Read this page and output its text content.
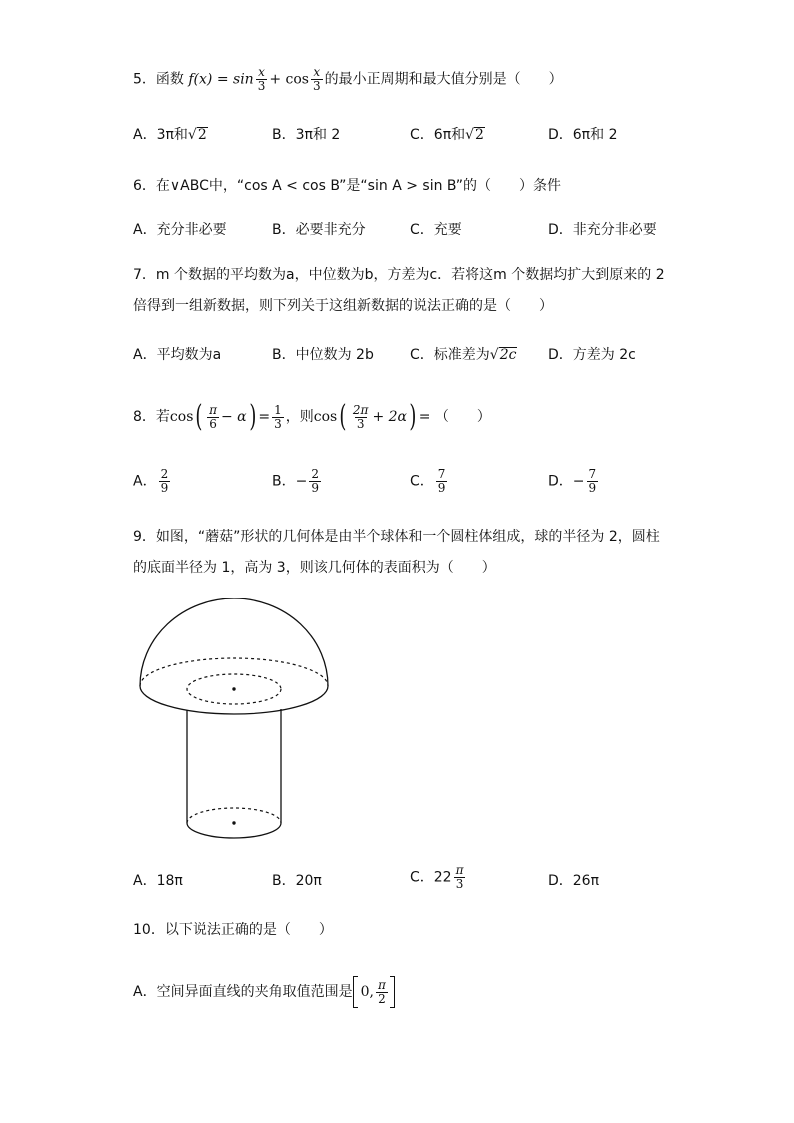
5．函数 $f(x) = \sin \frac{x}{3} + \cos \frac{x}{3}$ 的最小正周期和最大值分别是（　　）
A．3π和√2	B．3π和 2	C．6π和√2	D．6π和 2
6．在∨ABC中，“cos A < cos B”是“sin A > sin B”的（　　）条件
A．充分非必要	B．必要非充分	C．充要	D．非充分非必要
7．m 个数据的平均数为a，中位数为b，方差为c．若将这m 个数据均扩大到原来的 2
倍得到一组新数据，则下列关于这组新数据的说法正确的是（　　）
A．平均数为a	B．中位数为 2b	C．标准差为√2c D．方差为 2c
8．若$\cos( \frac{\pi}{6} - \alpha) = \frac{1}{3}$ ，则$\cos( \frac{2\pi}{3} + 2\alpha)$ = （　　）
A． $\frac{2}{9}$	B．− $\frac{2}{9}$	C． $\frac{7}{9}$	D．− $\frac{7}{9}$
9．如图，“蘑菇”形状的几何体是由半个球体和一个圆柱体组成，球的半径为 2，圆柱
的底面半径为 1，高为 3，则该几何体的表面积为（　　）
A．18π	B．20π	C．$22 \frac{\pi}{3}$	D．26π
10．以下说法正确的是（　　）
A．空间异面直线的夹角取值范围是 0, $\frac{\pi}{2}$
